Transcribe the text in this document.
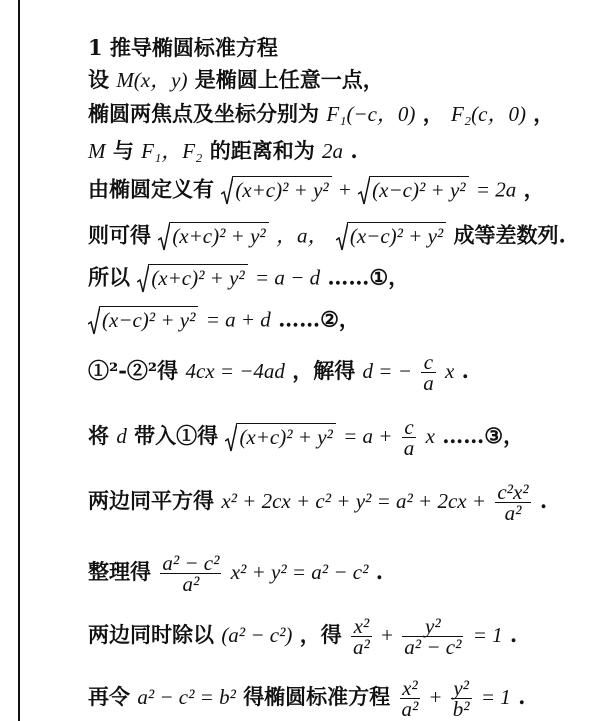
1 推导椭圆标准方程
设 M(x，y) 是椭圆上任意一点，
椭圆两焦点及坐标分别为 F₁(−c，0) ， F₂(c，0) ，
M 与 F₁，F₂ 的距离和为 2a .
由椭圆定义有 (x+c)² + y² + (x−c)² + y² = 2a ，
则可得 (x+c)² + y² ，a， (x−c)² + y² 成等差数列.
所以 (x+c)² + y² = a − d ……①，
(x−c)² + y² = a + d ……②，
①²-②²得 4cx = −4ad ，解得 d = − $\frac{c}{a}$ x .
将 d 带入①得 $(x+c)^2 + y^2 = a + \frac{c}{a}$ x ……③，
两边同平方得 $x^2 + 2cx + c^2 + y^2 = a^2 + 2cx + \frac{\text{c²x²}}{\text{a²}}$ .
整理得 $\frac{\text{a² − c²}}{\text{a²}} x^2 + y^2 = a^2 - c^2$ .
两边同时除以 (a² − c²) ，得 $\frac{\text{x²}}{\text{a²}} + \frac{\text{y²}}{\text{a² − c²}} = 1$ .
再令 a² − c² = b² 得椭圆标准方程 $\frac{\text{x²}}{\text{a²}} + \frac{\text{y²}}{\text{b²}} = 1$ .
